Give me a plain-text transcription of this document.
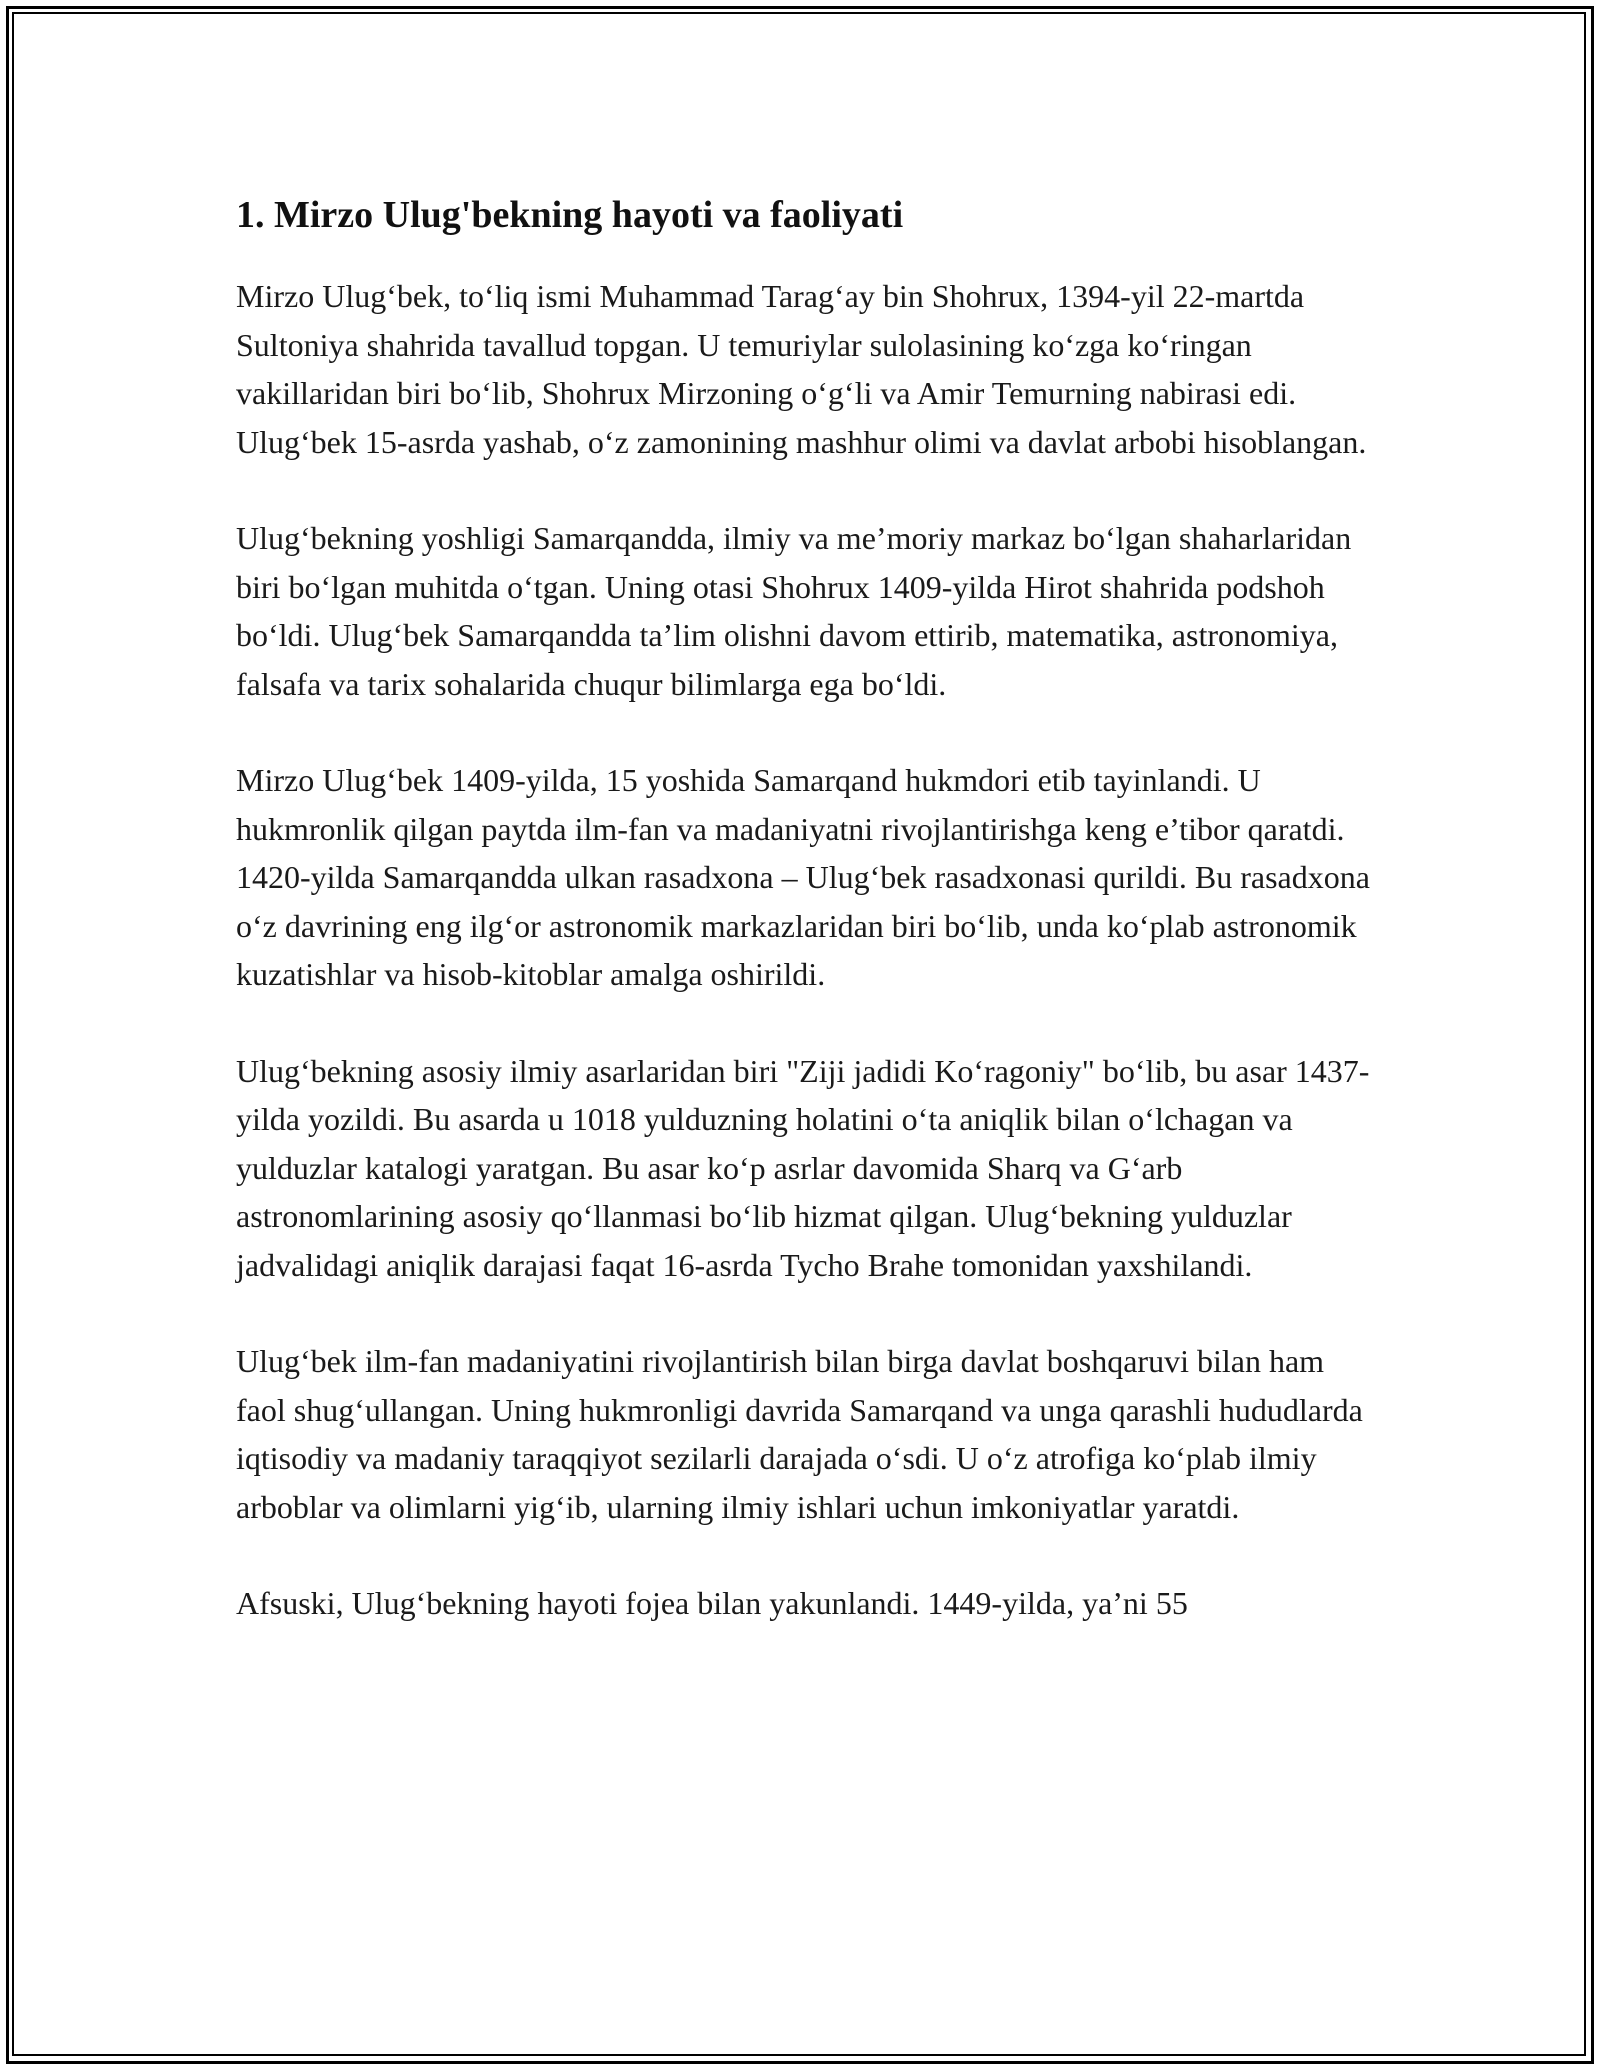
1. Mirzo Ulug'bekning hayoti va faoliyati

Mirzo Ulug‘bek, to‘liq ismi Muhammad Tarag‘ay bin Shohrux, 1394-yil 22-martda Sultoniya shahrida tavallud topgan. U temuriylar sulolasining ko‘zga ko‘ringan vakillaridan biri bo‘lib, Shohrux Mirzoning o‘g‘li va Amir Temurning nabirasi edi. Ulug‘bek 15-asrda yashab, o‘z zamonining mashhur olimi va davlat arbobi hisoblangan.

Ulug‘bekning yoshligi Samarqandda, ilmiy va me’moriy markaz bo‘lgan shaharlaridan biri bo‘lgan muhitda o‘tgan. Uning otasi Shohrux 1409-yilda Hirot shahrida podshoh bo‘ldi. Ulug‘bek Samarqandda ta’lim olishni davom ettirib, matematika, astronomiya, falsafa va tarix sohalarida chuqur bilimlarga ega bo‘ldi.

Mirzo Ulug‘bek 1409-yilda, 15 yoshida Samarqand hukmdori etib tayinlandi. U hukmronlik qilgan paytda ilm-fan va madaniyatni rivojlantirishga keng e’tibor qaratdi. 1420-yilda Samarqandda ulkan rasadxona – Ulug‘bek rasadxonasi qurildi. Bu rasadxona o‘z davrining eng ilg‘or astronomik markazlaridan biri bo‘lib, unda ko‘plab astronomik kuzatishlar va hisob-kitoblar amalga oshirildi.

Ulug‘bekning asosiy ilmiy asarlaridan biri "Ziji jadidi Ko‘ragoniy" bo‘lib, bu asar 1437-yilda yozildi. Bu asarda u 1018 yulduzning holatini o‘ta aniqlik bilan o‘lchagan va yulduzlar katalogi yaratgan. Bu asar ko‘p asrlar davomida Sharq va G‘arb astronomlarining asosiy qo‘llanmasi bo‘lib hizmat qilgan. Ulug‘bekning yulduzlar jadvalidagi aniqlik darajasi faqat 16-asrda Tycho Brahe tomonidan yaxshilandi.

Ulug‘bek ilm-fan madaniyatini rivojlantirish bilan birga davlat boshqaruvi bilan ham faol shug‘ullangan. Uning hukmronligi davrida Samarqand va unga qarashli hududlarda iqtisodiy va madaniy taraqqiyot sezilarli darajada o‘sdi. U o‘z atrofiga ko‘plab ilmiy arboblar va olimlarni yig‘ib, ularning ilmiy ishlari uchun imkoniyatlar yaratdi.

Afsuski, Ulug‘bekning hayoti fojea bilan yakunlandi. 1449-yilda, ya’ni 55
